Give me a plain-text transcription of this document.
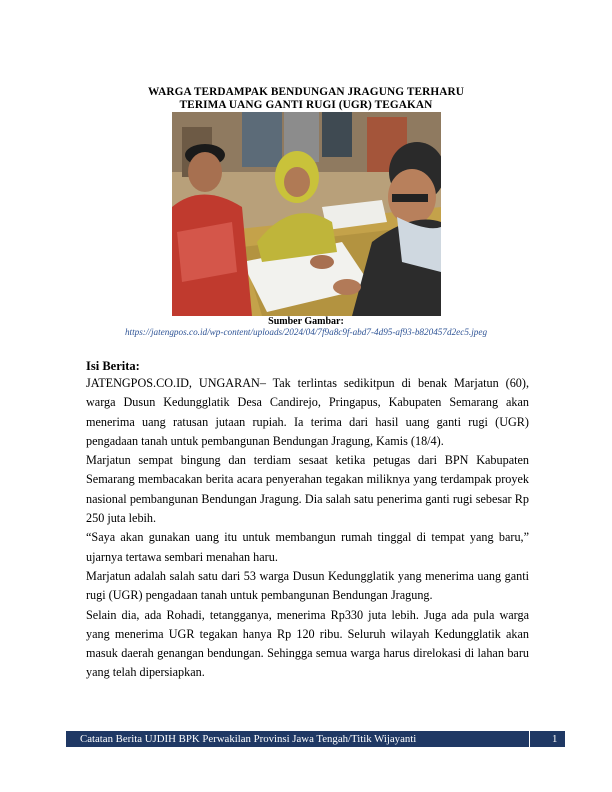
WARGA TERDAMPAK BENDUNGAN JRAGUNG TERHARU
TERIMA UANG GANTI RUGI (UGR) TEGAKAN
Sumber Gambar:
https://jatengpos.co.id/wp-content/uploads/2024/04/7f9a8c9f-abd7-4d95-af93-b820457d2ec5.jpeg
Isi Berita:

JATENGPOS.CO.ID, UNGARAN– Tak terlintas sedikitpun di benak Marjatun (60), warga Dusun Kedungglatik Desa Candirejo, Pringapus, Kabupaten Semarang akan menerima uang ratusan jutaan rupiah. Ia terima dari hasil uang ganti rugi (UGR) pengadaan tanah untuk pembangunan Bendungan Jragung, Kamis (18/4).

Marjatun sempat bingung dan terdiam sesaat ketika petugas dari BPN Kabupaten Semarang membacakan berita acara penyerahan tegakan miliknya yang terdampak proyek nasional pembangunan Bendungan Jragung. Dia salah satu penerima ganti rugi sebesar Rp 250 juta lebih.

“Saya akan gunakan uang itu untuk membangun rumah tinggal di tempat yang baru,” ujarnya tertawa sembari menahan haru.

Marjatun adalah salah satu dari 53 warga Dusun Kedungglatik yang menerima uang ganti rugi (UGR) pengadaan tanah untuk pembangunan Bendungan Jragung.

Selain dia, ada Rohadi, tetangganya, menerima Rp330 juta lebih. Juga ada pula warga yang menerima UGR tegakan hanya Rp 120 ribu. Seluruh wilayah Kedungglatik akan masuk daerah genangan bendungan. Sehingga semua warga harus direlokasi di lahan baru yang telah dipersiapkan.

Catatan Berita UJDIH BPK Perwakilan Provinsi Jawa Tengah/Titik Wijayanti	1
